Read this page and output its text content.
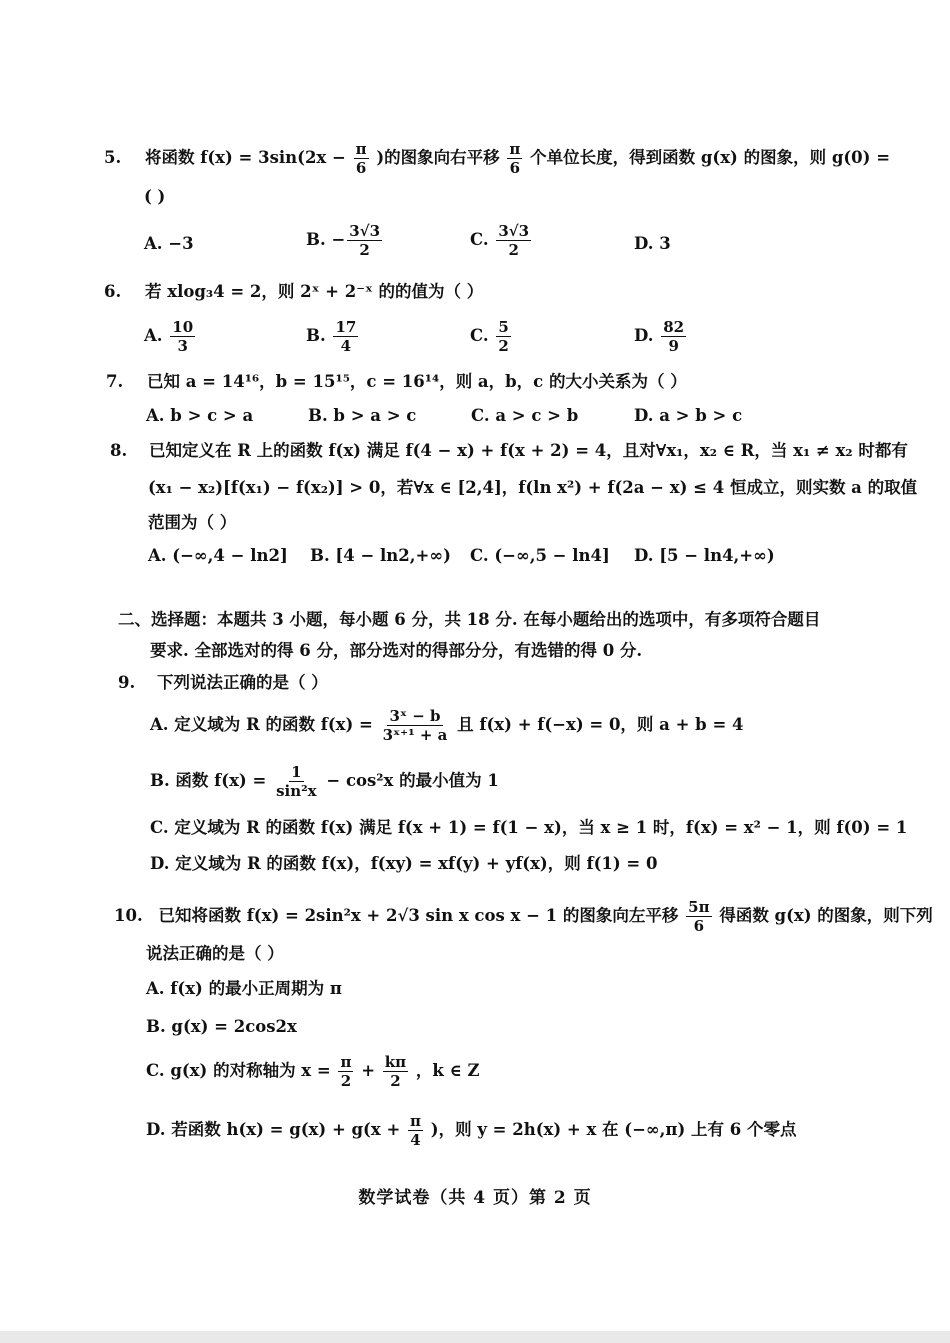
5. 将函数 $f(x) = 3\sin(2x - \frac{\pi}{6}$ )的图象向右平移 $\frac{\pi}{6}$ 个单位长度，得到函数 g(x) 的图象，则 g(0) =
( )
A. −3	B. − $\frac{3√3}{2}$	C. $\frac{3√3}{2}$	D. 3
6. 若 xlog₃4 = 2，则 2ˣ + 2⁻ˣ 的的值为（ ）
A. $\frac{10}{3}$	B. $\frac{17}{4}$	C. $\frac{5}{2}$	D. $\frac{82}{9}$
7. 已知 a = 14¹⁶，b = 15¹⁵，c = 16¹⁴，则 a，b，c 的大小关系为（ ）
A. b > c > a	B. b > a > c	C. a > c > b	D. a > b > c
8. 已知定义在 R 上的函数 f(x) 满足 f(4 − x) + f(x + 2) = 4，且对∀x₁，x₂ ∈ R，当 x₁ ≠ x₂ 时都有
(x₁ − x₂)[f(x₁) − f(x₂)] > 0，若∀x ∈ [2,4]，f(ln x²) + f(2a − x) ≤ 4 恒成立，则实数 a 的取值
范围为（ ）
A. (−∞,4 − ln2] B. [4 − ln2,+∞) C. (−∞,5 − ln4] D. [5 − ln4,+∞)
二、选择题：本题共 3 小题，每小题 6 分，共 18 分. 在每小题给出的选项中，有多项符合题目
要求. 全部选对的得 6 分，部分选对的得部分分，有选错的得 0 分.
9. 下列说法正确的是（ ）
A. 定义域为 R 的函数 $f(x) = \frac{\text{3ˣ − b}}{\text{3ˣ⁺¹ + a}}$ 且 f(x) + f(−x) = 0，则 a + b = 4
B. 函数 $f(x) = \frac{1}{\text{sin²x}} - \cos^2x$ 的最小值为 1
C. 定义域为 R 的函数 f(x) 满足 f(x + 1) = f(1 − x)，当 x ≥ 1 时，f(x) = x² − 1，则 f(0) = 1
D. 定义域为 R 的函数 f(x)，f(xy) = xf(y) + yf(x)，则 f(1) = 0
10. 已知将函数 f(x) = 2sin²x + 2√3 sin x cos x − 1 的图象向左平移 $\frac{5\pi}{6}$ 得函数 g(x) 的图象，则下列
说法正确的是（ ）
A. f(x) 的最小正周期为 π
B. g(x) = 2cos2x
C. g(x) 的对称轴为 $x = \frac{\pi}{2} + \frac{k\pi}{2}$ ，k ∈ Z
D. 若函数 $h(x) = g(x) + g(x + \frac{\pi}{4}$ )，则 y = 2h(x) + x 在 (−∞,π) 上有 6 个零点
数学试卷（共 4 页）第 2 页
